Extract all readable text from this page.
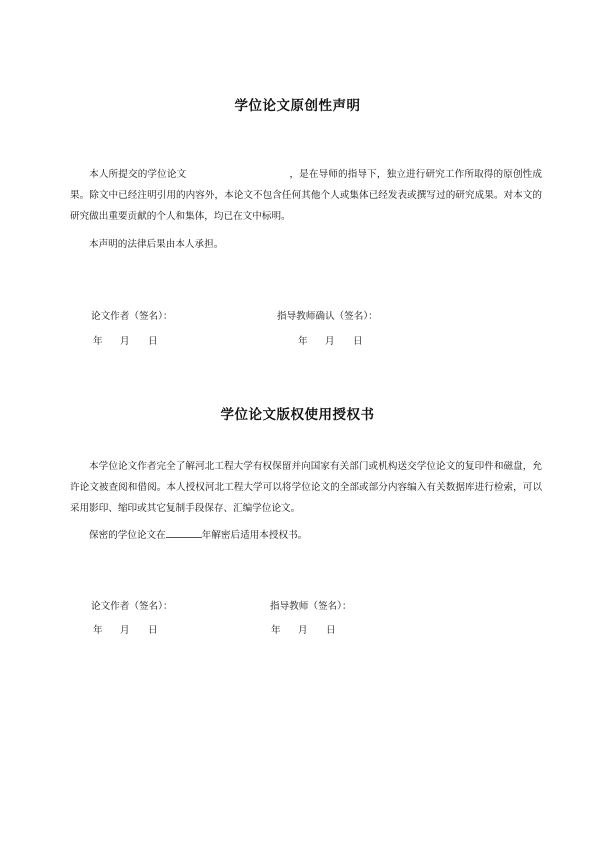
学位论文原创性声明
本人所提交的学位论文	，是在导师的指导下，独立进行研究工作所取得的原创性成果。除文中已经注明引用的内容外，本论文不包含任何其他个人或集体已经发表或撰写过的研究成果。对本文的研究做出重要贡献的个人和集体，均已在文中标明。
本声明的法律后果由本人承担。
论文作者（签名）：	指导教师确认（签名）：
年 月 日	年 月 日
学位论文版权使用授权书
本学位论文作者完全了解河北工程大学有权保留并向国家有关部门或机构送交学位论文的复印件和磁盘，允许论文被查阅和借阅。本人授权河北工程大学可以将学位论文的全部或部分内容编入有关数据库进行检索，可以采用影印、缩印或其它复制手段保存、汇编学位论文。
保密的学位论文在	年解密后适用本授权书。
论文作者（签名）：	指导教师（签名）：
年 月 日	年 月 日
